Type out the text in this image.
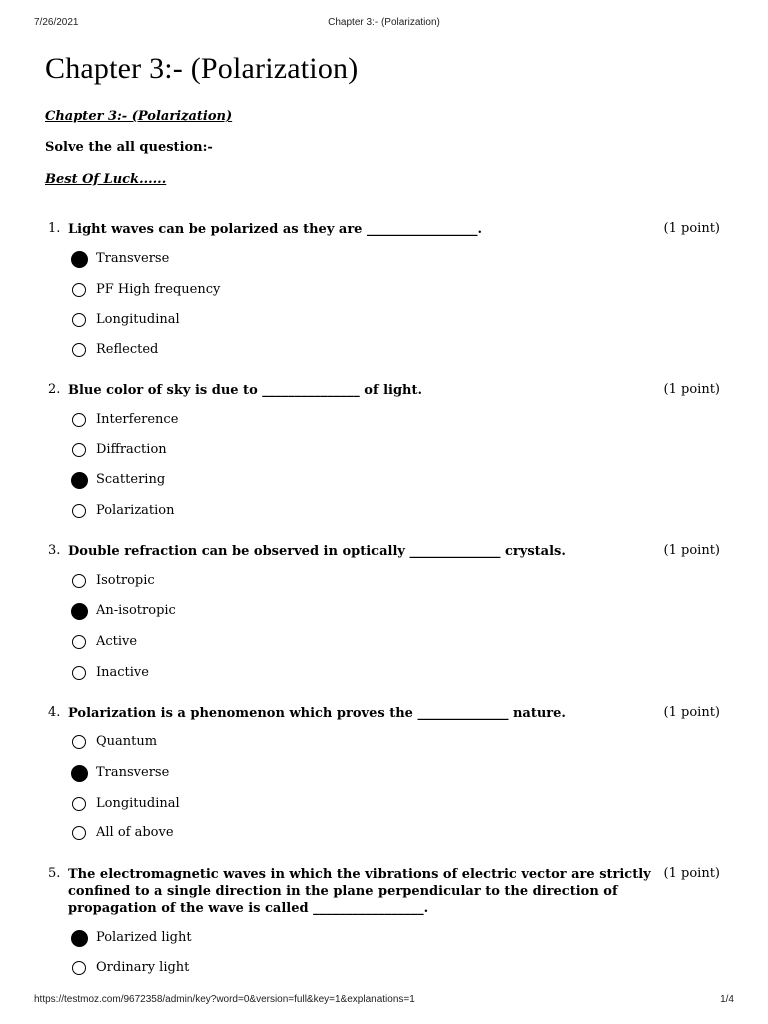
7/26/2021	Chapter 3:- (Polarization)
Chapter 3:- (Polarization)
Chapter 3:- (Polarization)
Solve the all question:-
Best Of Luck......
1. Light waves can be polarized as they are _________________.	(1 point)
Transverse
PF High frequency
Longitudinal
Reflected
2. Blue color of sky is due to _______________ of light.	(1 point)
Interference
Diffraction
Scattering
Polarization
3. Double refraction can be observed in optically ______________ crystals.	(1 point)
Isotropic
An-isotropic
Active
Inactive
4. Polarization is a phenomenon which proves the ______________ nature.	(1 point)
Quantum
Transverse
Longitudinal
All of above
5. The electromagnetic waves in which the vibrations of electric vector are strictly confined to a single direction in the plane perpendicular to the direction of propagation of the wave is called _________________.
(1 point)
Polarized light
Ordinary light
https://testmoz.com/9672358/admin/key?word=0&version=full&key=1&explanations=1	1/4
